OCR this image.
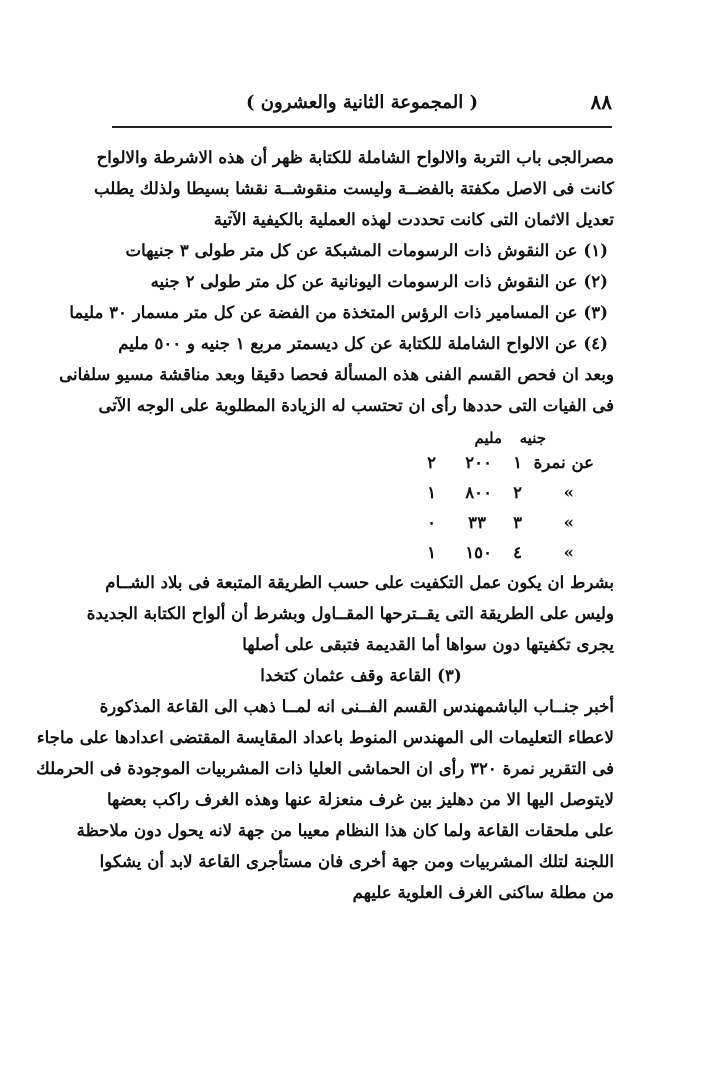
٨٨
( المجموعة الثانية والعشرون )
مصرالجى باب التربة والالواح الشاملة للكتابة ظهر أن هذه الاشرطة والالواح
كانت فى الاصل مكفتة بالفضــة وليست منقوشــة نقشا بسيطا ولذلك يطلب
تعديل الاثمان التى كانت تحددت لهذه العملية بالكيفية الآتية
(١) عن النقوش ذات الرسومات المشبكة عن كل متر طولى ٣ جنيهات
(٢) عن النقوش ذات الرسومات اليونانية عن كل متر طولى ٢ جنيه
(٣) عن المسامير ذات الرؤس المتخذة من الفضة عن كل متر مسمار ٣٠ مليما
(٤) عن الالواح الشاملة للكتابة عن كل ديسمتر مربع ١ جنيه و ٥٠٠ مليم
وبعد ان فحص القسم الفنى هذه المسألة فحصا دقيقا وبعد مناقشة مسيو سلفانى
فى الفيات التى حددها رأى ان تحتسب له الزيادة المطلوبة على الوجه الآتى
مليم جنيه
عن نمرة
١
٢٠٠
٢
»
٢
٨٠٠
١
»
٣
٣٣
٠
»
٤
١٥٠
١
بشرط ان يكون عمل التكفيت على حسب الطريقة المتبعة فى بلاد الشــام
وليس على الطريقة التى يقــترحها المقــاول وبشرط أن ألواح الكتابة الجديدة
يجرى تكفيتها دون سواها أما القديمة فتبقى على أصلها
(٣) القاعة وقف عثمان كتخدا
أخبر جنــاب الباشمهندس القسم الفــنى انه لمــا ذهب الى القاعة المذكورة
لاعطاء التعليمات الى المهندس المنوط باعداد المقايسة المقتضى اعدادها على ماجاء
فى التقرير نمرة ٣٢٠ رأى ان الحماشى العليا ذات المشربيات الموجودة فى الحرملك
لايتوصل اليها الا من دهليز بين غرف منعزلة عنها وهذه الغرف راكب بعضها
على ملحقات القاعة ولما كان هذا النظام معيبا من جهة لانه يحول دون ملاحظة
اللجنة لتلك المشربيات ومن جهة أخرى فان مستأجرى القاعة لابد أن يشكوا
من مطلة ساكنى الغرف العلوية عليهم
